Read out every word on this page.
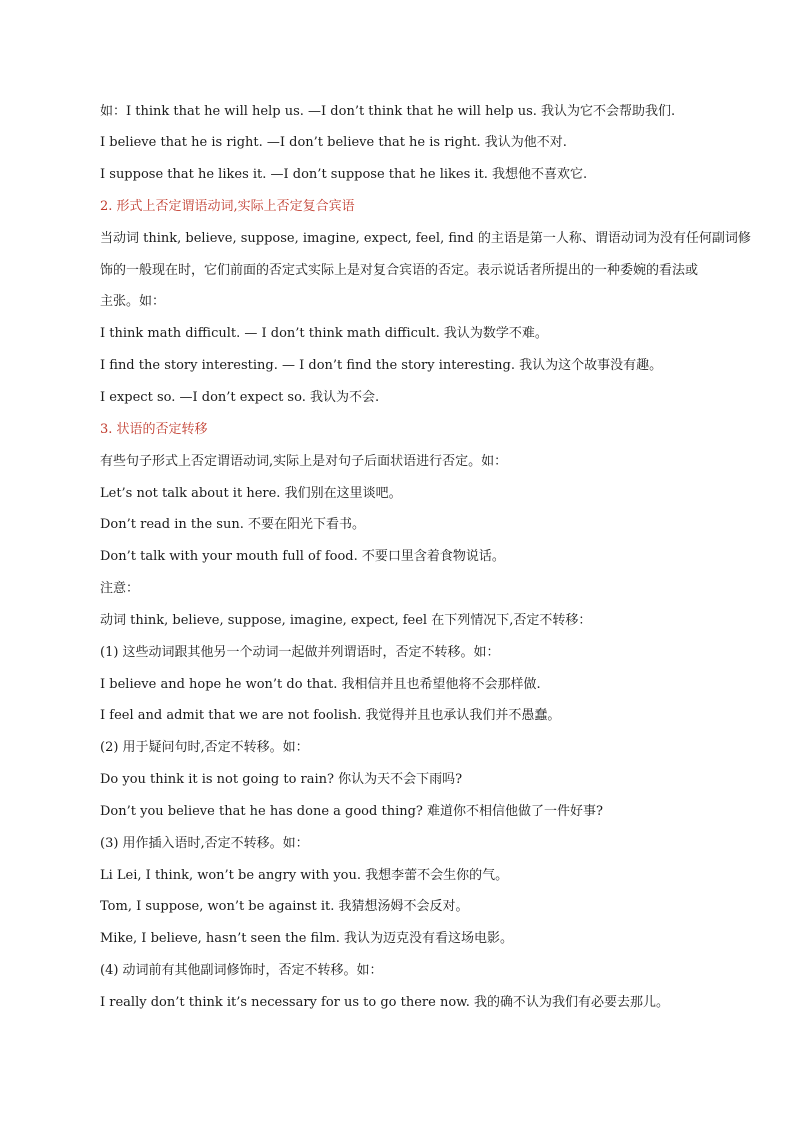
如：I think that he will help us. —I don’t think that he will help us. 我认为它不会帮助我们.
I believe that he is right. —I don’t believe that he is right. 我认为他不对.
I suppose that he likes it. —I don’t suppose that he likes it. 我想他不喜欢它.
2. 形式上否定谓语动词,实际上否定复合宾语
当动词 think, believe, suppose, imagine, expect, feel, find 的主语是第一人称、谓语动词为没有任何副词修
饰的一般现在时，它们前面的否定式实际上是对复合宾语的否定。表示说话者所提出的一种委婉的看法或
主张。如：
I think math difficult. — I don’t think math difficult. 我认为数学不难。
I find the story interesting. — I don’t find the story interesting. 我认为这个故事没有趣。
I expect so. —I don’t expect so. 我认为不会.
3. 状语的否定转移
有些句子形式上否定谓语动词,实际上是对句子后面状语进行否定。如：
Let’s not talk about it here. 我们别在这里谈吧。
Don’t read in the sun. 不要在阳光下看书。
Don’t talk with your mouth full of food. 不要口里含着食物说话。
注意：
动词 think, believe, suppose, imagine, expect, feel 在下列情况下,否定不转移：
(1) 这些动词跟其他另一个动词一起做并列谓语时，否定不转移。如：
I believe and hope he won’t do that. 我相信并且也希望他将不会那样做.
I feel and admit that we are not foolish. 我觉得并且也承认我们并不愚蠢。
(2) 用于疑问句时,否定不转移。如：
Do you think it is not going to rain? 你认为天不会下雨吗?
Don’t you believe that he has done a good thing? 难道你不相信他做了一件好事?
(3) 用作插入语时,否定不转移。如：
Li Lei, I think, won’t be angry with you. 我想李蕾不会生你的气。
Tom, I suppose, won’t be against it. 我猜想汤姆不会反对。
Mike, I believe, hasn’t seen the film. 我认为迈克没有看这场电影。
(4) 动词前有其他副词修饰时，否定不转移。如：
I really don’t think it’s necessary for us to go there now. 我的确不认为我们有必要去那儿。
